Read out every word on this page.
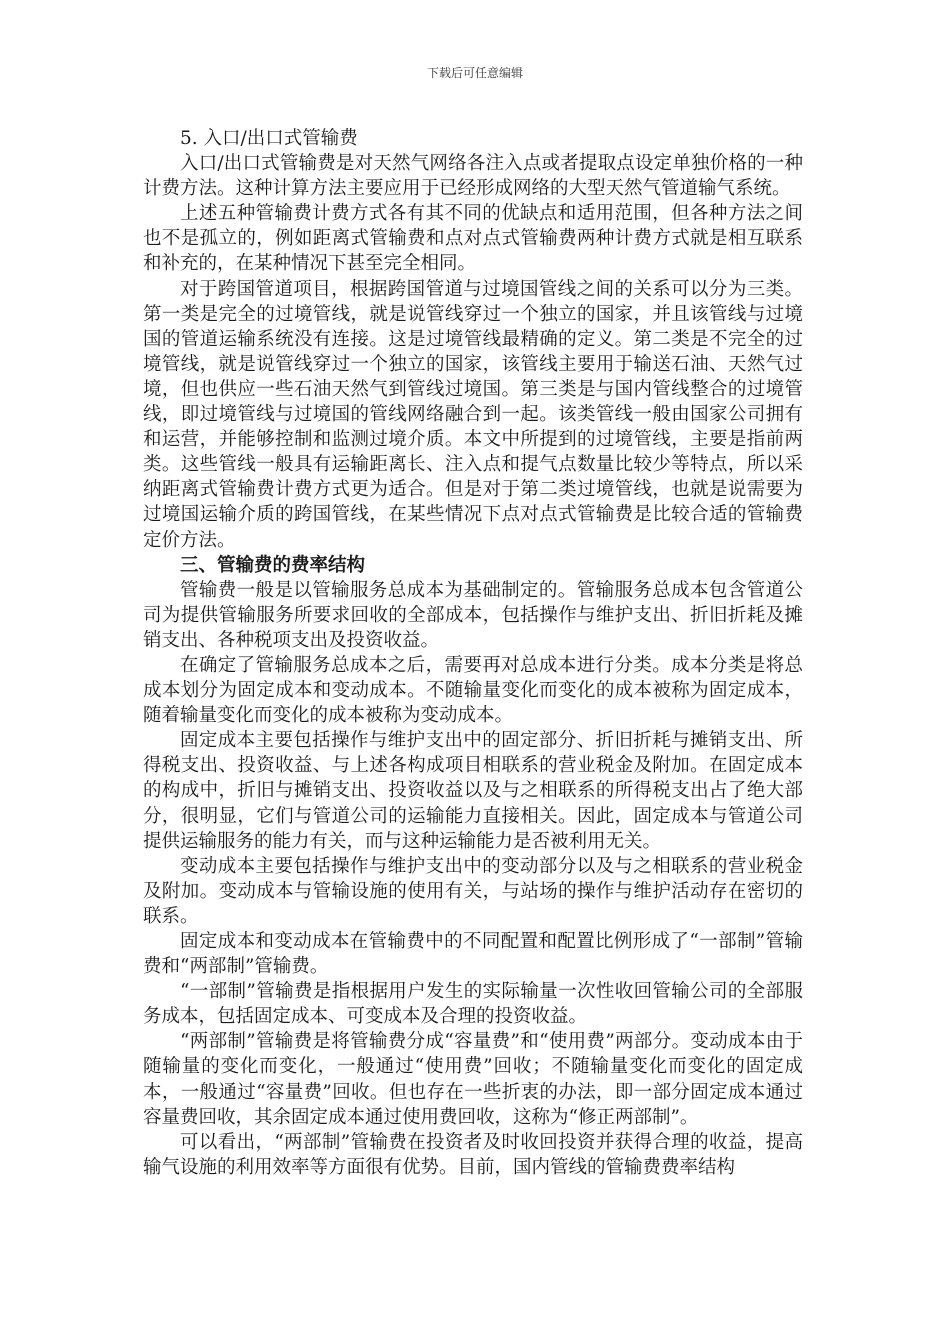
下载后可任意编辑

5. 入口/出口式管输费

入口/出口式管输费是对天然气网络各注入点或者提取点设定单独价格的一种计费方法。这种计算方法主要应用于已经形成网络的大型天然气管道输气系统。

上述五种管输费计费方式各有其不同的优缺点和适用范围，但各种方法之间也不是孤立的，例如距离式管输费和点对点式管输费两种计费方式就是相互联系和补充的，在某种情况下甚至完全相同。

对于跨国管道项目，根据跨国管道与过境国管线之间的关系可以分为三类。第一类是完全的过境管线，就是说管线穿过一个独立的国家，并且该管线与过境国的管道运输系统没有连接。这是过境管线最精确的定义。第二类是不完全的过境管线，就是说管线穿过一个独立的国家，该管线主要用于输送石油、天然气过境，但也供应一些石油天然气到管线过境国。第三类是与国内管线整合的过境管线，即过境管线与过境国的管线网络融合到一起。该类管线一般由国家公司拥有和运营，并能够控制和监测过境介质。本文中所提到的过境管线，主要是指前两类。这些管线一般具有运输距离长、注入点和提气点数量比较少等特点，所以采纳距离式管输费计费方式更为适合。但是对于第二类过境管线，也就是说需要为过境国运输介质的跨国管线，在某些情况下点对点式管输费是比较合适的管输费定价方法。

三、管输费的费率结构

管输费一般是以管输服务总成本为基础制定的。管输服务总成本包含管道公司为提供管输服务所要求回收的全部成本，包括操作与维护支出、折旧折耗及摊销支出、各种税项支出及投资收益。

在确定了管输服务总成本之后，需要再对总成本进行分类。成本分类是将总成本划分为固定成本和变动成本。不随输量变化而变化的成本被称为固定成本，随着输量变化而变化的成本被称为变动成本。

固定成本主要包括操作与维护支出中的固定部分、折旧折耗与摊销支出、所得税支出、投资收益、与上述各构成项目相联系的营业税金及附加。在固定成本的构成中，折旧与摊销支出、投资收益以及与之相联系的所得税支出占了绝大部分，很明显，它们与管道公司的运输能力直接相关。因此，固定成本与管道公司提供运输服务的能力有关，而与这种运输能力是否被利用无关。

变动成本主要包括操作与维护支出中的变动部分以及与之相联系的营业税金及附加。变动成本与管输设施的使用有关，与站场的操作与维护活动存在密切的联系。

固定成本和变动成本在管输费中的不同配置和配置比例形成了“一部制”管输费和“两部制”管输费。

“一部制”管输费是指根据用户发生的实际输量一次性收回管输公司的全部服务成本，包括固定成本、可变成本及合理的投资收益。

“两部制”管输费是将管输费分成“容量费”和“使用费”两部分。变动成本由于随输量的变化而变化，一般通过“使用费”回收；不随输量变化而变化的固定成本，一般通过“容量费”回收。但也存在一些折衷的办法，即一部分固定成本通过容量费回收，其余固定成本通过使用费回收，这称为“修正两部制”。

可以看出，“两部制”管输费在投资者及时收回投资并获得合理的收益，提高输气设施的利用效率等方面很有优势。目前，国内管线的管输费费率结构
